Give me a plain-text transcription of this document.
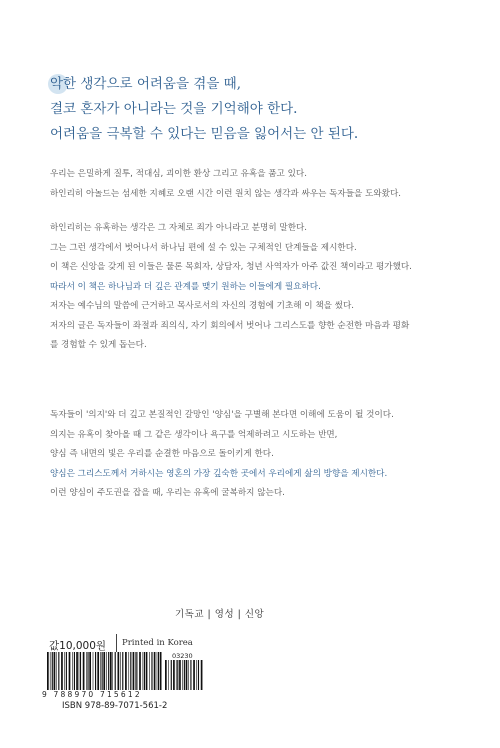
악한 생각으로 어려움을 겪을 때,
결코 혼자가 아니라는 것을 기억해야 한다.
어려움을 극복할 수 있다는 믿음을 잃어서는 안 된다.
우리는 은밀하게 질투, 적대심, 괴이한 환상 그리고 유혹을 품고 있다.
하인리히 아놀드는 섬세한 지혜로 오랜 시간 이런 원치 않는 생각과 싸우는 독자들을 도와왔다.
하인리히는 유혹하는 생각은 그 자체로 죄가 아니라고 분명히 말한다.
그는 그런 생각에서 벗어나서 하나님 편에 설 수 있는 구체적인 단계들을 제시한다.
이 책은 신앙을 갖게 된 이들은 물론 목회자, 상담자, 청년 사역자가 아주 값진 책이라고 평가했다.
따라서 이 책은 하나님과 더 깊은 관계를 맺기 원하는 이들에게 필요하다.
저자는 예수님의 말씀에 근거하고 목사로서의 자신의 경험에 기초해 이 책을 썼다.
저자의 글은 독자들이 좌절과 죄의식, 자기 회의에서 벗어나 그리스도를 향한 순전한 마음과 평화
를 경험할 수 있게 돕는다.
독자들이 '의지'와 더 깊고 본질적인 갈망인 '양심'을 구별해 본다면 이해에 도움이 될 것이다.
의지는 유혹이 찾아올 때 그 같은 생각이나 욕구를 억제하려고 시도하는 반면,
양심 즉 내면의 빛은 우리를 순결한 마음으로 돌이키게 한다.
양심은 그리스도께서 거하시는 영혼의 가장 깊숙한 곳에서 우리에게 삶의 방향을 제시한다.
이런 양심이 주도권을 잡을 때, 우리는 유혹에 굴복하지 않는다.
기독교 | 영성 | 신앙
값10,000원 Printed in Korea
03230
9 788970 715612
ISBN 978-89-7071-561-2
